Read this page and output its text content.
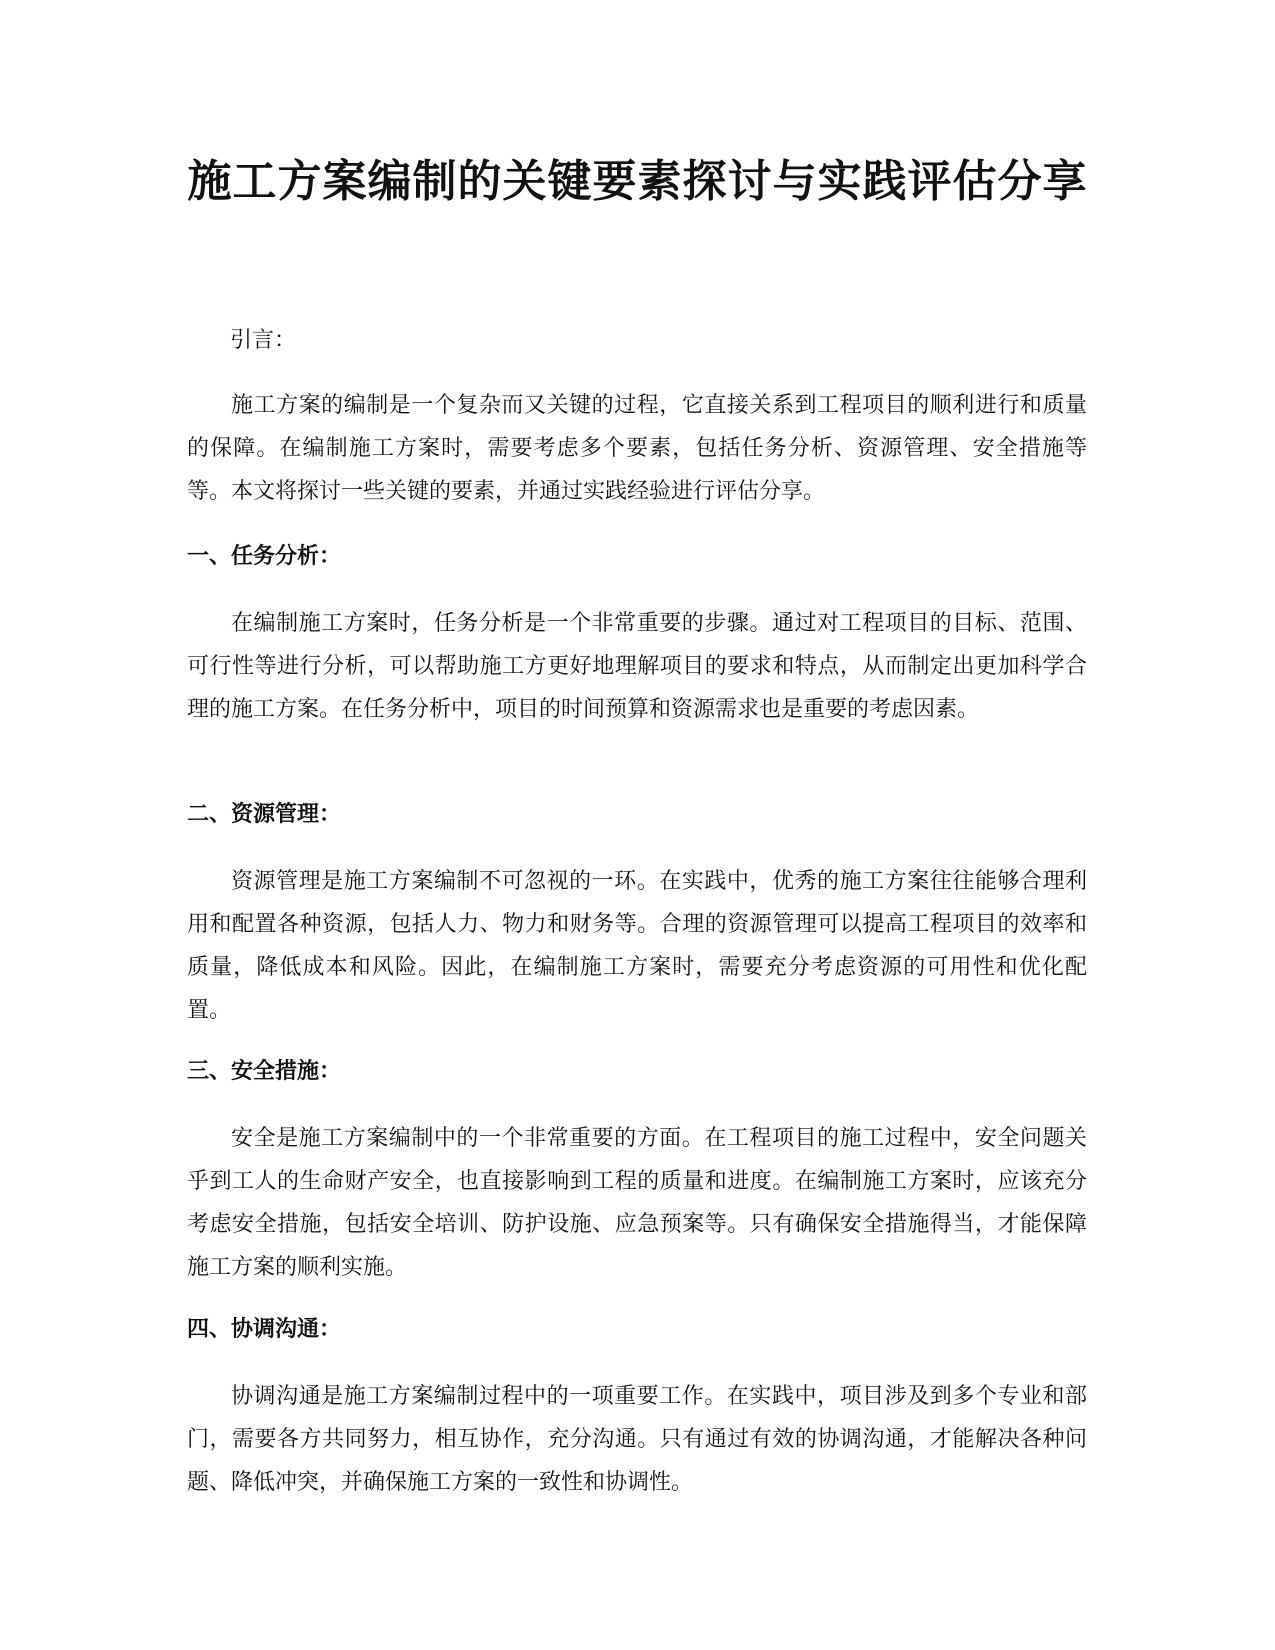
施工方案编制的关键要素探讨与实践评估分享

引言：

施工方案的编制是一个复杂而又关键的过程，它直接关系到工程项目的顺利进行和质量的保障。在编制施工方案时，需要考虑多个要素，包括任务分析、资源管理、安全措施等等。本文将探讨一些关键的要素，并通过实践经验进行评估分享。

一、任务分析：

在编制施工方案时，任务分析是一个非常重要的步骤。通过对工程项目的目标、范围、可行性等进行分析，可以帮助施工方更好地理解项目的要求和特点，从而制定出更加科学合理的施工方案。在任务分析中，项目的时间预算和资源需求也是重要的考虑因素。

二、资源管理：

资源管理是施工方案编制不可忽视的一环。在实践中，优秀的施工方案往往能够合理利用和配置各种资源，包括人力、物力和财务等。合理的资源管理可以提高工程项目的效率和质量，降低成本和风险。因此，在编制施工方案时，需要充分考虑资源的可用性和优化配置。

三、安全措施：

安全是施工方案编制中的一个非常重要的方面。在工程项目的施工过程中，安全问题关乎到工人的生命财产安全，也直接影响到工程的质量和进度。在编制施工方案时，应该充分考虑安全措施，包括安全培训、防护设施、应急预案等。只有确保安全措施得当，才能保障施工方案的顺利实施。

四、协调沟通：

协调沟通是施工方案编制过程中的一项重要工作。在实践中，项目涉及到多个专业和部门，需要各方共同努力，相互协作，充分沟通。只有通过有效的协调沟通，才能解决各种问题、降低冲突，并确保施工方案的一致性和协调性。
